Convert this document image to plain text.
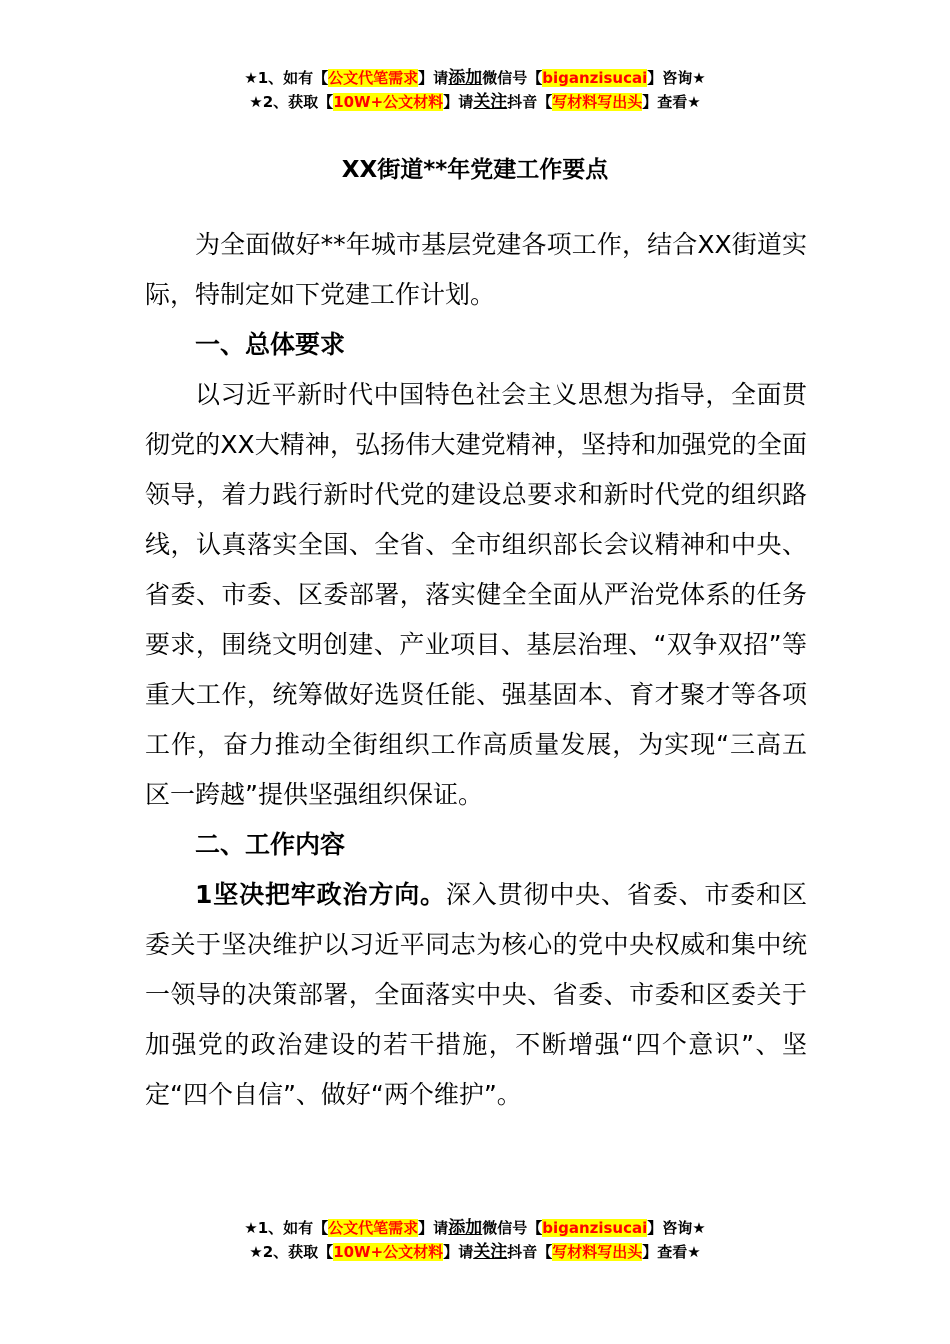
★1、如有【公文代笔需求】请添加微信号【biganzisucai】咨询★
★2、获取【10W+公文材料】请关注抖音【写材料写出头】查看★
XX街道**年党建工作要点

为全面做好**年城市基层党建各项工作，结合XX街道实际，特制定如下党建工作计划。

一、总体要求

以习近平新时代中国特色社会主义思想为指导，全面贯彻党的XX大精神，弘扬伟大建党精神，坚持和加强党的全面领导，着力践行新时代党的建设总要求和新时代党的组织路线，认真落实全国、全省、全市组织部长会议精神和中央、省委、市委、区委部署，落实健全全面从严治党体系的任务要求，围绕文明创建、产业项目、基层治理、“双争双招”等重大工作，统筹做好选贤任能、强基固本、育才聚才等各项工作，奋力推动全街组织工作高质量发展，为实现“三高五区一跨越”提供坚强组织保证。

二、工作内容

1坚决把牢政治方向。深入贯彻中央、省委、市委和区委关于坚决维护以习近平同志为核心的党中央权威和集中统一领导的决策部署，全面落实中央、省委、市委和区委关于加强党的政治建设的若干措施，不断增强“四个意识”、坚定“四个自信”、做好“两个维护”。

★1、如有【公文代笔需求】请添加微信号【biganzisucai】咨询★
★2、获取【10W+公文材料】请关注抖音【写材料写出头】查看★
